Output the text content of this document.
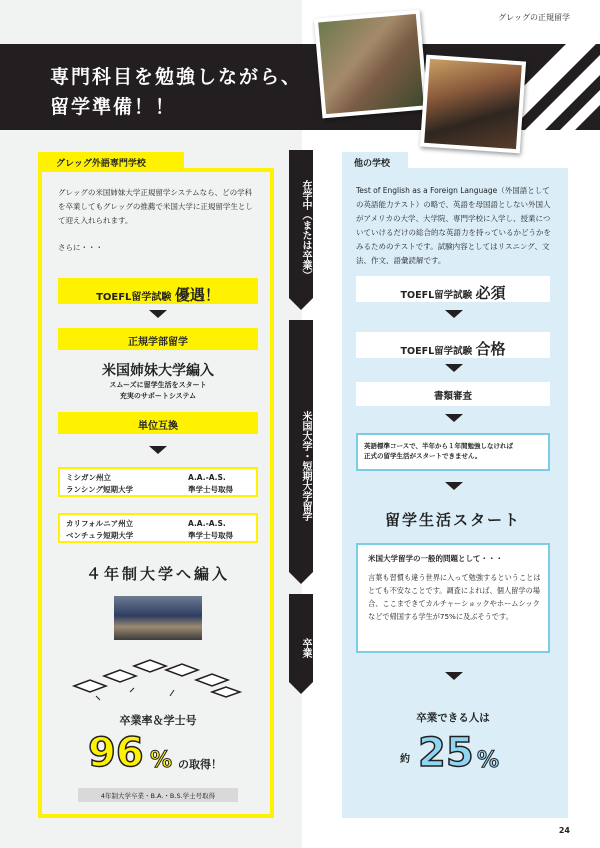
グレッグの正規留学
専門科目を勉強しながら、
留学準備！！
グレッグ外語専門学校
グレッグの米国姉妹大学正規留学システムなら、どの学科を卒業してもグレッグの推薦で米国大学に正規留学生として迎え入れられます。
さらに・・・
TOEFL留学試験 優遇！
正規学部留学
米国姉妹大学編入
スムーズに留学生活をスタート
充実のサポートシステム
単位互換
ミシガン州立
ランシング短期大学
A.A.-A.S.
準学士号取得
カリフォルニア州立
ベンチュラ短期大学
A.A.-A.S.
準学士号取得
４年制大学へ編入
卒業率＆学士号
96 % の取得！
4年制大学卒業・B.A.・B.S.学士号取得
在学中（または卒業）
米国大学・短期大学留学
卒業
他の学校
Test of English as a Foreign Language（外国語としての英語能力テスト）の略で、英語を母国語としない外国人がアメリカの大学、大学院、専門学校に入学し、授業についていけるだけの総合的な英語力を持っているかどうかをみるためのテストです。試験内容としてはリスニング、文法、作文、語彙読解です。
TOEFL留学試験 必須
TOEFL留学試験 合格
書類審査
英語標準コースで、半年から１年間勉強しなければ
正式の留学生活がスタートできません。
留学生活スタート
米国大学留学の一般的問題として・・・
言葉も習慣も違う世界に入って勉強するということはとても不安なことです。調査によれば、個人留学の場合、ここまできてカルチャーショックやホームシックなどで帰国する学生が75%に及ぶそうです。
卒業できる人は
約 25 %
24
